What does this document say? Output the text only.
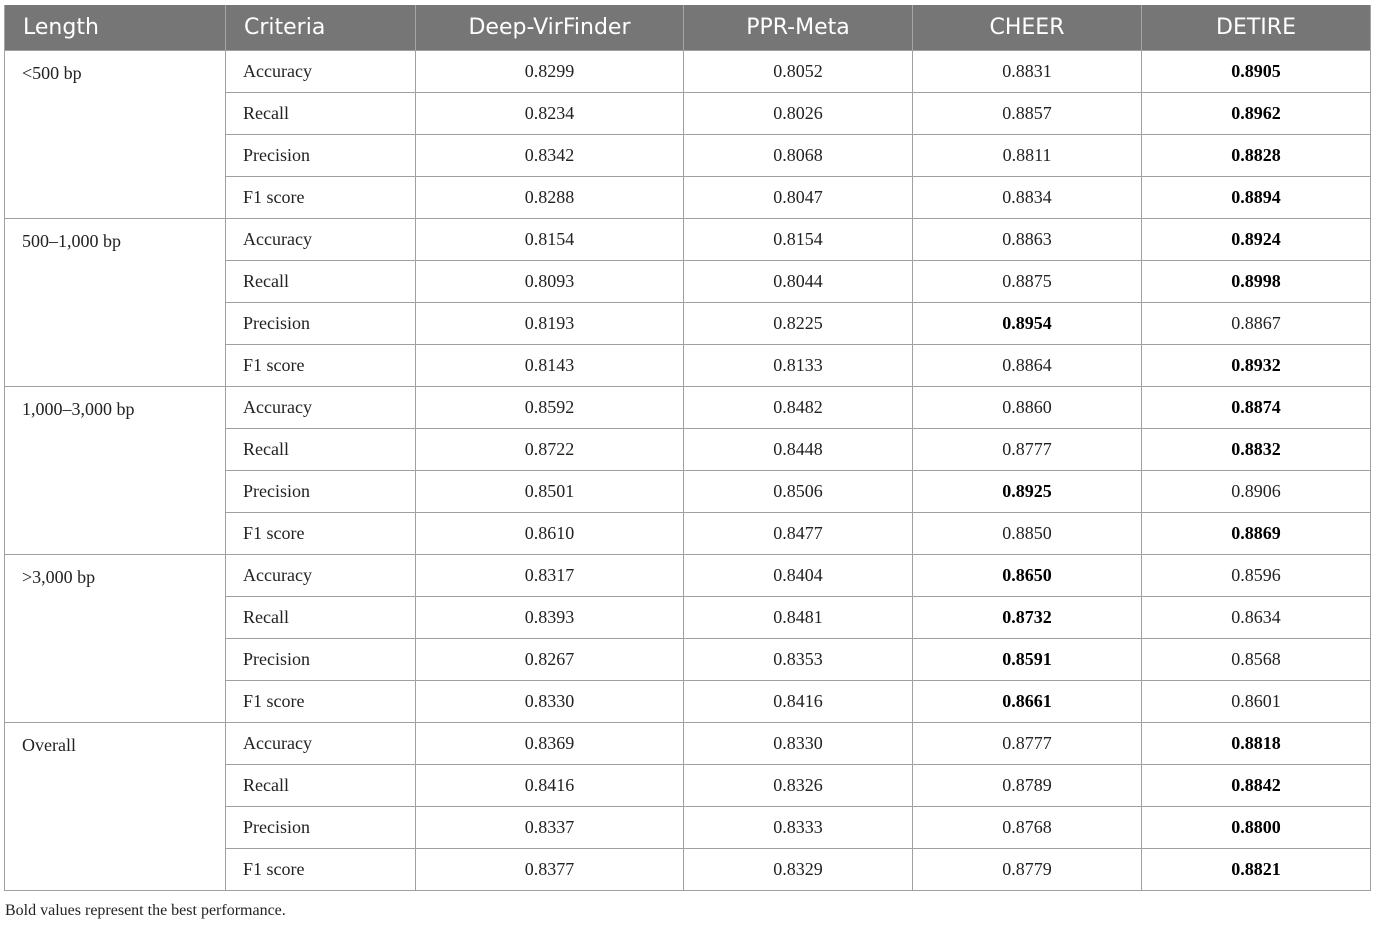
Length	Criteria	Deep-VirFinder	PPR-Meta	CHEER	DETIRE
<500 bp	Accuracy	0.8299	0.8052	0.8831	0.8905
	Recall	0.8234	0.8026	0.8857	0.8962
	Precision	0.8342	0.8068	0.8811	0.8828
	F1 score	0.8288	0.8047	0.8834	0.8894
500–1,000 bp	Accuracy	0.8154	0.8154	0.8863	0.8924
	Recall	0.8093	0.8044	0.8875	0.8998
	Precision	0.8193	0.8225	0.8954	0.8867
	F1 score	0.8143	0.8133	0.8864	0.8932
1,000–3,000 bp	Accuracy	0.8592	0.8482	0.8860	0.8874
	Recall	0.8722	0.8448	0.8777	0.8832
	Precision	0.8501	0.8506	0.8925	0.8906
	F1 score	0.8610	0.8477	0.8850	0.8869
>3,000 bp	Accuracy	0.8317	0.8404	0.8650	0.8596
	Recall	0.8393	0.8481	0.8732	0.8634
	Precision	0.8267	0.8353	0.8591	0.8568
	F1 score	0.8330	0.8416	0.8661	0.8601
Overall	Accuracy	0.8369	0.8330	0.8777	0.8818
	Recall	0.8416	0.8326	0.8789	0.8842
	Precision	0.8337	0.8333	0.8768	0.8800
	F1 score	0.8377	0.8329	0.8779	0.8821
Bold values represent the best performance.
